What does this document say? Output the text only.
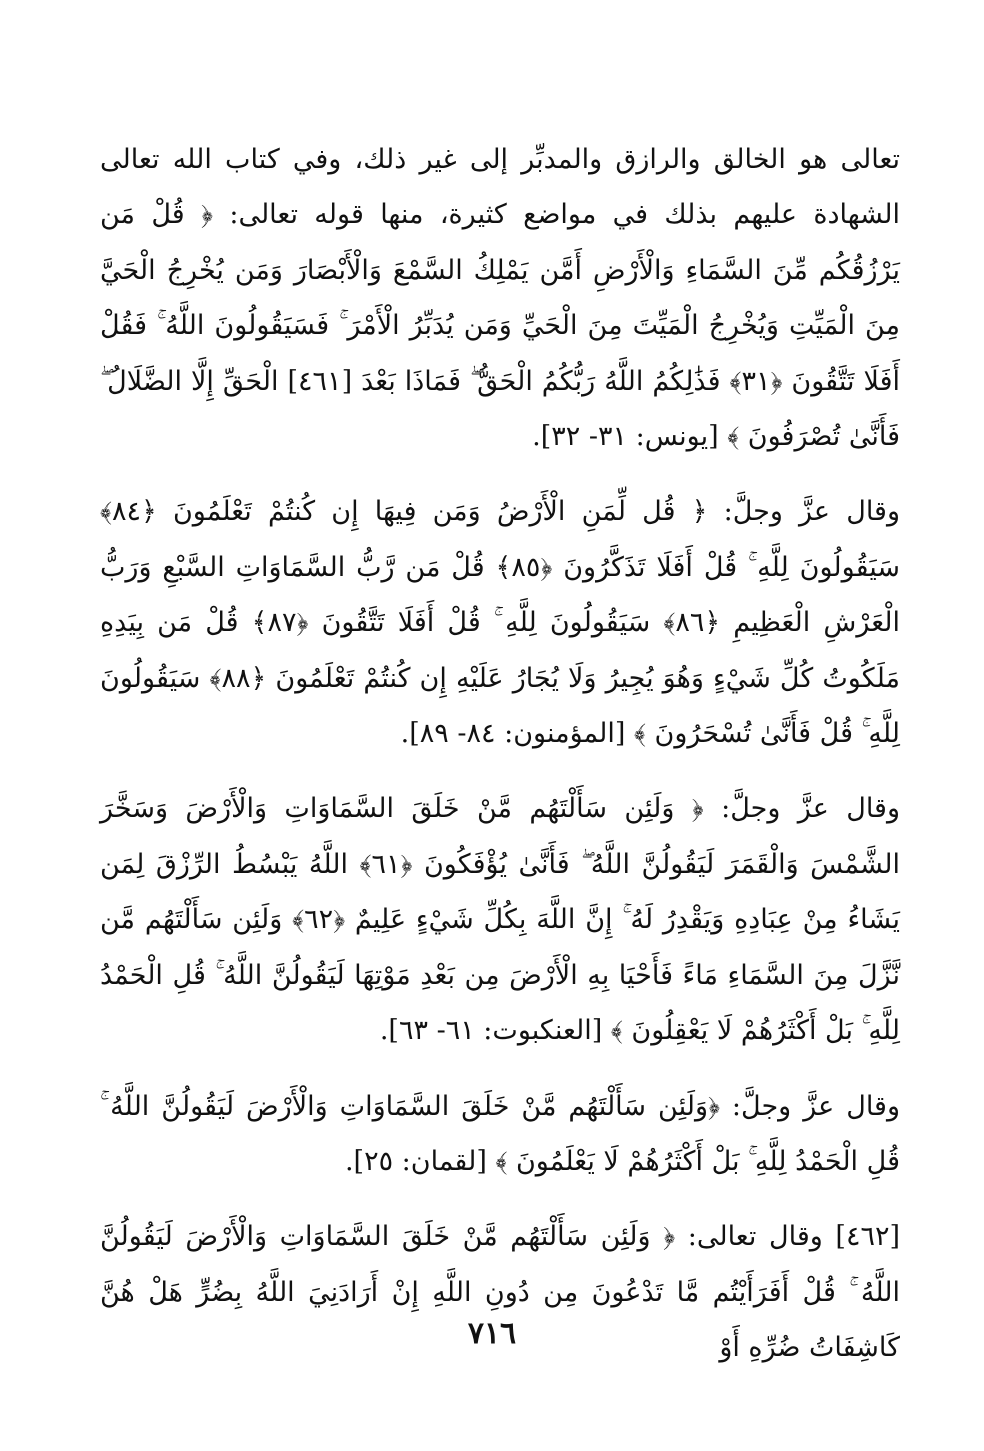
تعالى هو الخالق والرازق والمدبِّر إلى غير ذلك، وفي كتاب الله تعالى الشهادة عليهم بذلك في مواضع كثيرة، منها قوله تعالى: ﴿ قُلْ مَن يَرْزُقُكُم مِّنَ السَّمَاءِ وَالْأَرْضِ أَمَّن يَمْلِكُ السَّمْعَ وَالْأَبْصَارَ وَمَن يُخْرِجُ الْحَيَّ مِنَ الْمَيِّتِ وَيُخْرِجُ الْمَيِّتَ مِنَ الْحَيِّ وَمَن يُدَبِّرُ الْأَمْرَ ۚ فَسَيَقُولُونَ اللَّهُ ۚ فَقُلْ أَفَلَا تَتَّقُونَ ﴿٣١﴾ فَذَٰلِكُمُ اللَّهُ رَبُّكُمُ الْحَقُّ ۖ فَمَاذَا بَعْدَ [٤٦١] الْحَقِّ إِلَّا الضَّلَالُ ۖ فَأَنَّىٰ تُصْرَفُونَ ﴾ [يونس: ٣١- ٣٢].

وقال عزَّ وجلَّ: ﴿ قُل لِّمَنِ الْأَرْضُ وَمَن فِيهَا إِن كُنتُمْ تَعْلَمُونَ ﴿٨٤﴾ سَيَقُولُونَ لِلَّهِ ۚ قُلْ أَفَلَا تَذَكَّرُونَ ﴿٨٥﴾ قُلْ مَن رَّبُّ السَّمَاوَاتِ السَّبْعِ وَرَبُّ الْعَرْشِ الْعَظِيمِ ﴿٨٦﴾ سَيَقُولُونَ لِلَّهِ ۚ قُلْ أَفَلَا تَتَّقُونَ ﴿٨٧﴾ قُلْ مَن بِيَدِهِ مَلَكُوتُ كُلِّ شَيْءٍ وَهُوَ يُجِيرُ وَلَا يُجَارُ عَلَيْهِ إِن كُنتُمْ تَعْلَمُونَ ﴿٨٨﴾ سَيَقُولُونَ لِلَّهِ ۚ قُلْ فَأَنَّىٰ تُسْحَرُونَ ﴾ [المؤمنون: ٨٤- ٨٩].

وقال عزَّ وجلَّ: ﴿ وَلَئِن سَأَلْتَهُم مَّنْ خَلَقَ السَّمَاوَاتِ وَالْأَرْضَ وَسَخَّرَ الشَّمْسَ وَالْقَمَرَ لَيَقُولُنَّ اللَّهُ ۖ فَأَنَّىٰ يُؤْفَكُونَ ﴿٦١﴾ اللَّهُ يَبْسُطُ الرِّزْقَ لِمَن يَشَاءُ مِنْ عِبَادِهِ وَيَقْدِرُ لَهُ ۚ إِنَّ اللَّهَ بِكُلِّ شَيْءٍ عَلِيمٌ ﴿٦٢﴾ وَلَئِن سَأَلْتَهُم مَّن نَّزَّلَ مِنَ السَّمَاءِ مَاءً فَأَحْيَا بِهِ الْأَرْضَ مِن بَعْدِ مَوْتِهَا لَيَقُولُنَّ اللَّهُ ۚ قُلِ الْحَمْدُ لِلَّهِ ۚ بَلْ أَكْثَرُهُمْ لَا يَعْقِلُونَ ﴾ [العنكبوت: ٦١- ٦٣].

وقال عزَّ وجلَّ: ﴿وَلَئِن سَأَلْتَهُم مَّنْ خَلَقَ السَّمَاوَاتِ وَالْأَرْضَ لَيَقُولُنَّ اللَّهُ ۚ قُلِ الْحَمْدُ لِلَّهِ ۚ بَلْ أَكْثَرُهُمْ لَا يَعْلَمُونَ ﴾ [لقمان: ٢٥].

[٤٦٢] وقال تعالى: ﴿ وَلَئِن سَأَلْتَهُم مَّنْ خَلَقَ السَّمَاوَاتِ وَالْأَرْضَ لَيَقُولُنَّ اللَّهُ ۚ قُلْ أَفَرَأَيْتُم مَّا تَدْعُونَ مِن دُونِ اللَّهِ إِنْ أَرَادَنِيَ اللَّهُ بِضُرٍّ هَلْ هُنَّ كَاشِفَاتُ ضُرِّهِ أَوْ

٧١٦
